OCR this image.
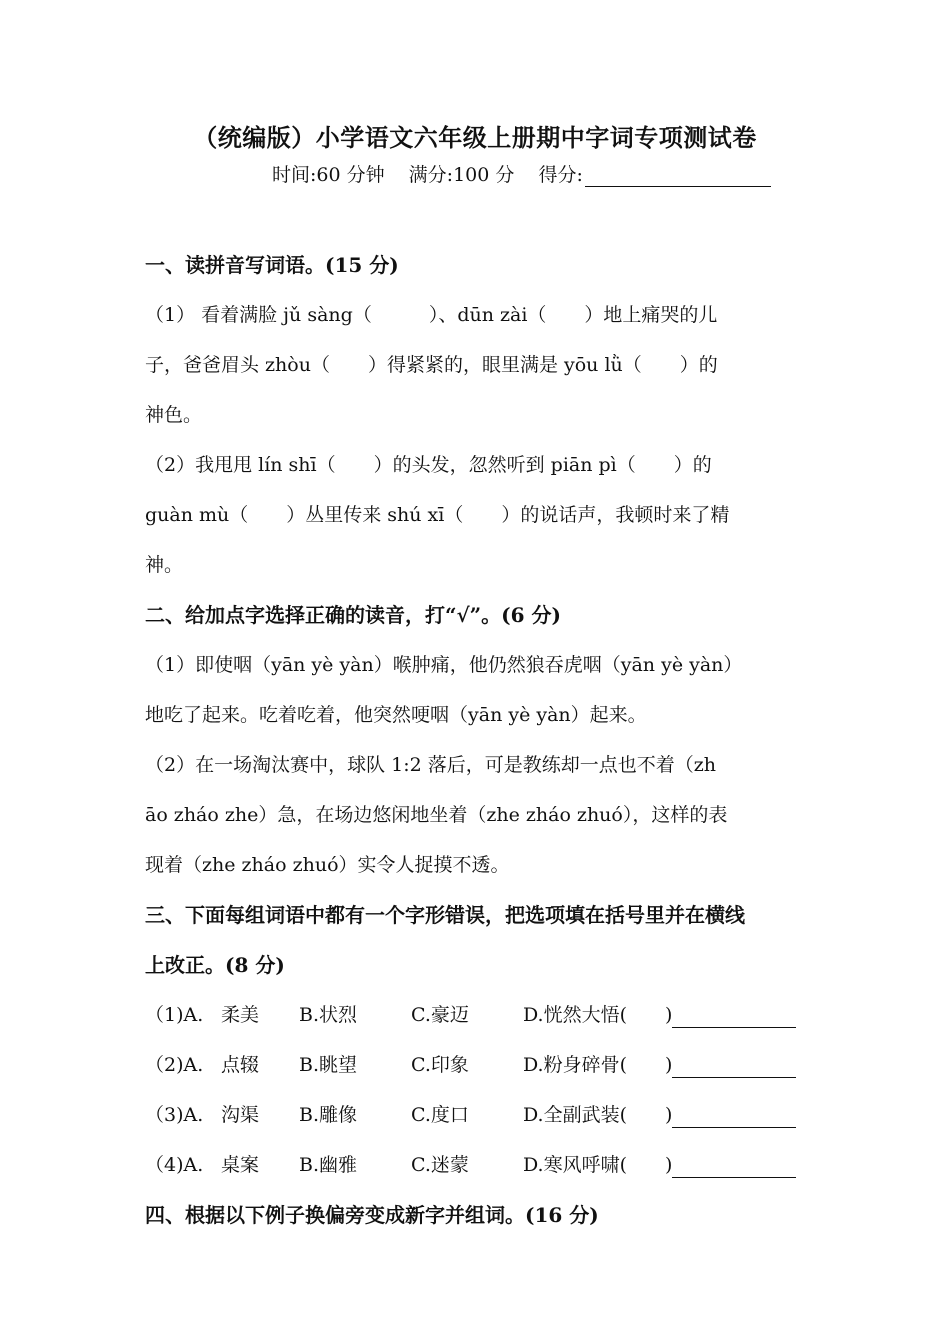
（统编版）小学语文六年级上册期中字词专项测试卷
时间:60 分钟 满分:100 分 得分:
一、读拼音写词语。(15 分)
（1） 看着满脸 jǔ sàng（　　　）、dūn zài（　　）地上痛哭的儿
子，爸爸眉头 zhòu（　　）得紧紧的，眼里满是 yōu lǜ（　　）的
神色。
（2）我甩甩 lín shī（　　）的头发，忽然听到 piān pì（　　）的
guàn mù（　　）丛里传来 shú xī（　　）的说话声，我顿时来了精
神。
二、给加点字选择正确的读音，打“√”。(6 分)
（1）即使咽（yān yè yàn）喉肿痛，他仍然狼吞虎咽（yān yè yàn）
地吃了起来。吃着吃着，他突然哽咽（yān yè yàn）起来。
（2）在一场淘汰赛中，球队 1:2 落后，可是教练却一点也不着（zh
āo zháo zhe）急，在场边悠闲地坐着（zhe zháo zhuó），这样的表
现着（zhe zháo zhuó）实令人捉摸不透。
三、下面每组词语中都有一个字形错误，把选项填在括号里并在横线
上改正。(8 分)
（1)A. 柔美 B.状烈	C.豪迈	D.恍然大悟(　　)
（2)A. 点辍 B.眺望	C.印象	D.粉身碎骨(　　)
（3)A. 沟渠 B.雕像	C.度口	D.全副武装(　　)
（4)A. 桌案 B.幽雅	C.迷蒙	D.寒风呼啸(　　)
四、根据以下例子换偏旁变成新字并组词。(16 分)
